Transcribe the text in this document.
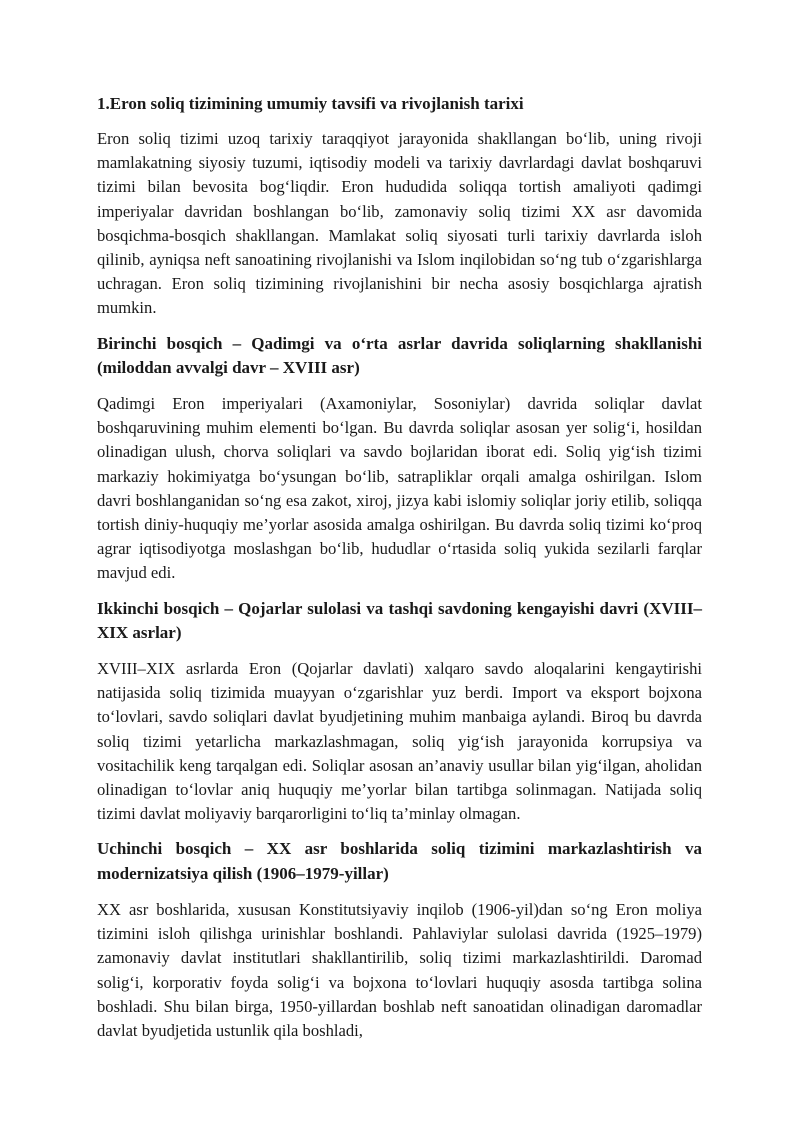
1.Eron soliq tizimining umumiy tavsifi va rivojlanish tarixi

Eron soliq tizimi uzoq tarixiy taraqqiyot jarayonida shakllangan bo‘lib, uning rivoji mamlakatning siyosiy tuzumi, iqtisodiy modeli va tarixiy davrlardagi davlat boshqaruvi tizimi bilan bevosita bog‘liqdir. Eron hududida soliqqa tortish amaliyoti qadimgi imperiyalar davridan boshlangan bo‘lib, zamonaviy soliq tizimi XX asr davomida bosqichma-bosqich shakllangan. Mamlakat soliq siyosati turli tarixiy davrlarda isloh qilinib, ayniqsa neft sanoatining rivojlanishi va Islom inqilobidan so‘ng tub o‘zgarishlarga uchragan. Eron soliq tizimining rivojlanishini bir necha asosiy bosqichlarga ajratish mumkin.

Birinchi bosqich – Qadimgi va o‘rta asrlar davrida soliqlarning shakllanishi (miloddan avvalgi davr – XVIII asr)

Qadimgi Eron imperiyalari (Axamoniylar, Sosoniylar) davrida soliqlar davlat boshqaruvining muhim elementi bo‘lgan. Bu davrda soliqlar asosan yer solig‘i, hosildan olinadigan ulush, chorva soliqlari va savdo bojlaridan iborat edi. Soliq yig‘ish tizimi markaziy hokimiyatga bo‘ysungan bo‘lib, satrapliklar orqali amalga oshirilgan. Islom davri boshlanganidan so‘ng esa zakot, xiroj, jizya kabi islomiy soliqlar joriy etilib, soliqqa tortish diniy-huquqiy me’yorlar asosida amalga oshirilgan. Bu davrda soliq tizimi ko‘proq agrar iqtisodiyotga moslashgan bo‘lib, hududlar o‘rtasida soliq yukida sezilarli farqlar mavjud edi.

Ikkinchi bosqich – Qojarlar sulolasi va tashqi savdoning kengayishi davri (XVIII–XIX asrlar)

XVIII–XIX asrlarda Eron (Qojarlar davlati) xalqaro savdo aloqalarini kengaytirishi natijasida soliq tizimida muayyan o‘zgarishlar yuz berdi. Import va eksport bojxona to‘lovlari, savdo soliqlari davlat byudjetining muhim manbaiga aylandi. Biroq bu davrda soliq tizimi yetarlicha markazlashmagan, soliq yig‘ish jarayonida korrupsiya va vositachilik keng tarqalgan edi. Soliqlar asosan an’anaviy usullar bilan yig‘ilgan, aholidan olinadigan to‘lovlar aniq huquqiy me’yorlar bilan tartibga solinmagan. Natijada soliq tizimi davlat moliyaviy barqarorligini to‘liq ta’minlay olmagan.

Uchinchi bosqich – XX asr boshlarida soliq tizimini markazlashtirish va modernizatsiya qilish (1906–1979-yillar)

XX asr boshlarida, xususan Konstitutsiyaviy inqilob (1906-yil)dan so‘ng Eron moliya tizimini isloh qilishga urinishlar boshlandi. Pahlaviylar sulolasi davrida (1925–1979) zamonaviy davlat institutlari shakllantirilib, soliq tizimi markazlashtirildi. Daromad solig‘i, korporativ foyda solig‘i va bojxona to‘lovlari huquqiy asosda tartibga solina boshladi. Shu bilan birga, 1950-yillardan boshlab neft sanoatidan olinadigan daromadlar davlat byudjetida ustunlik qila boshladi,
